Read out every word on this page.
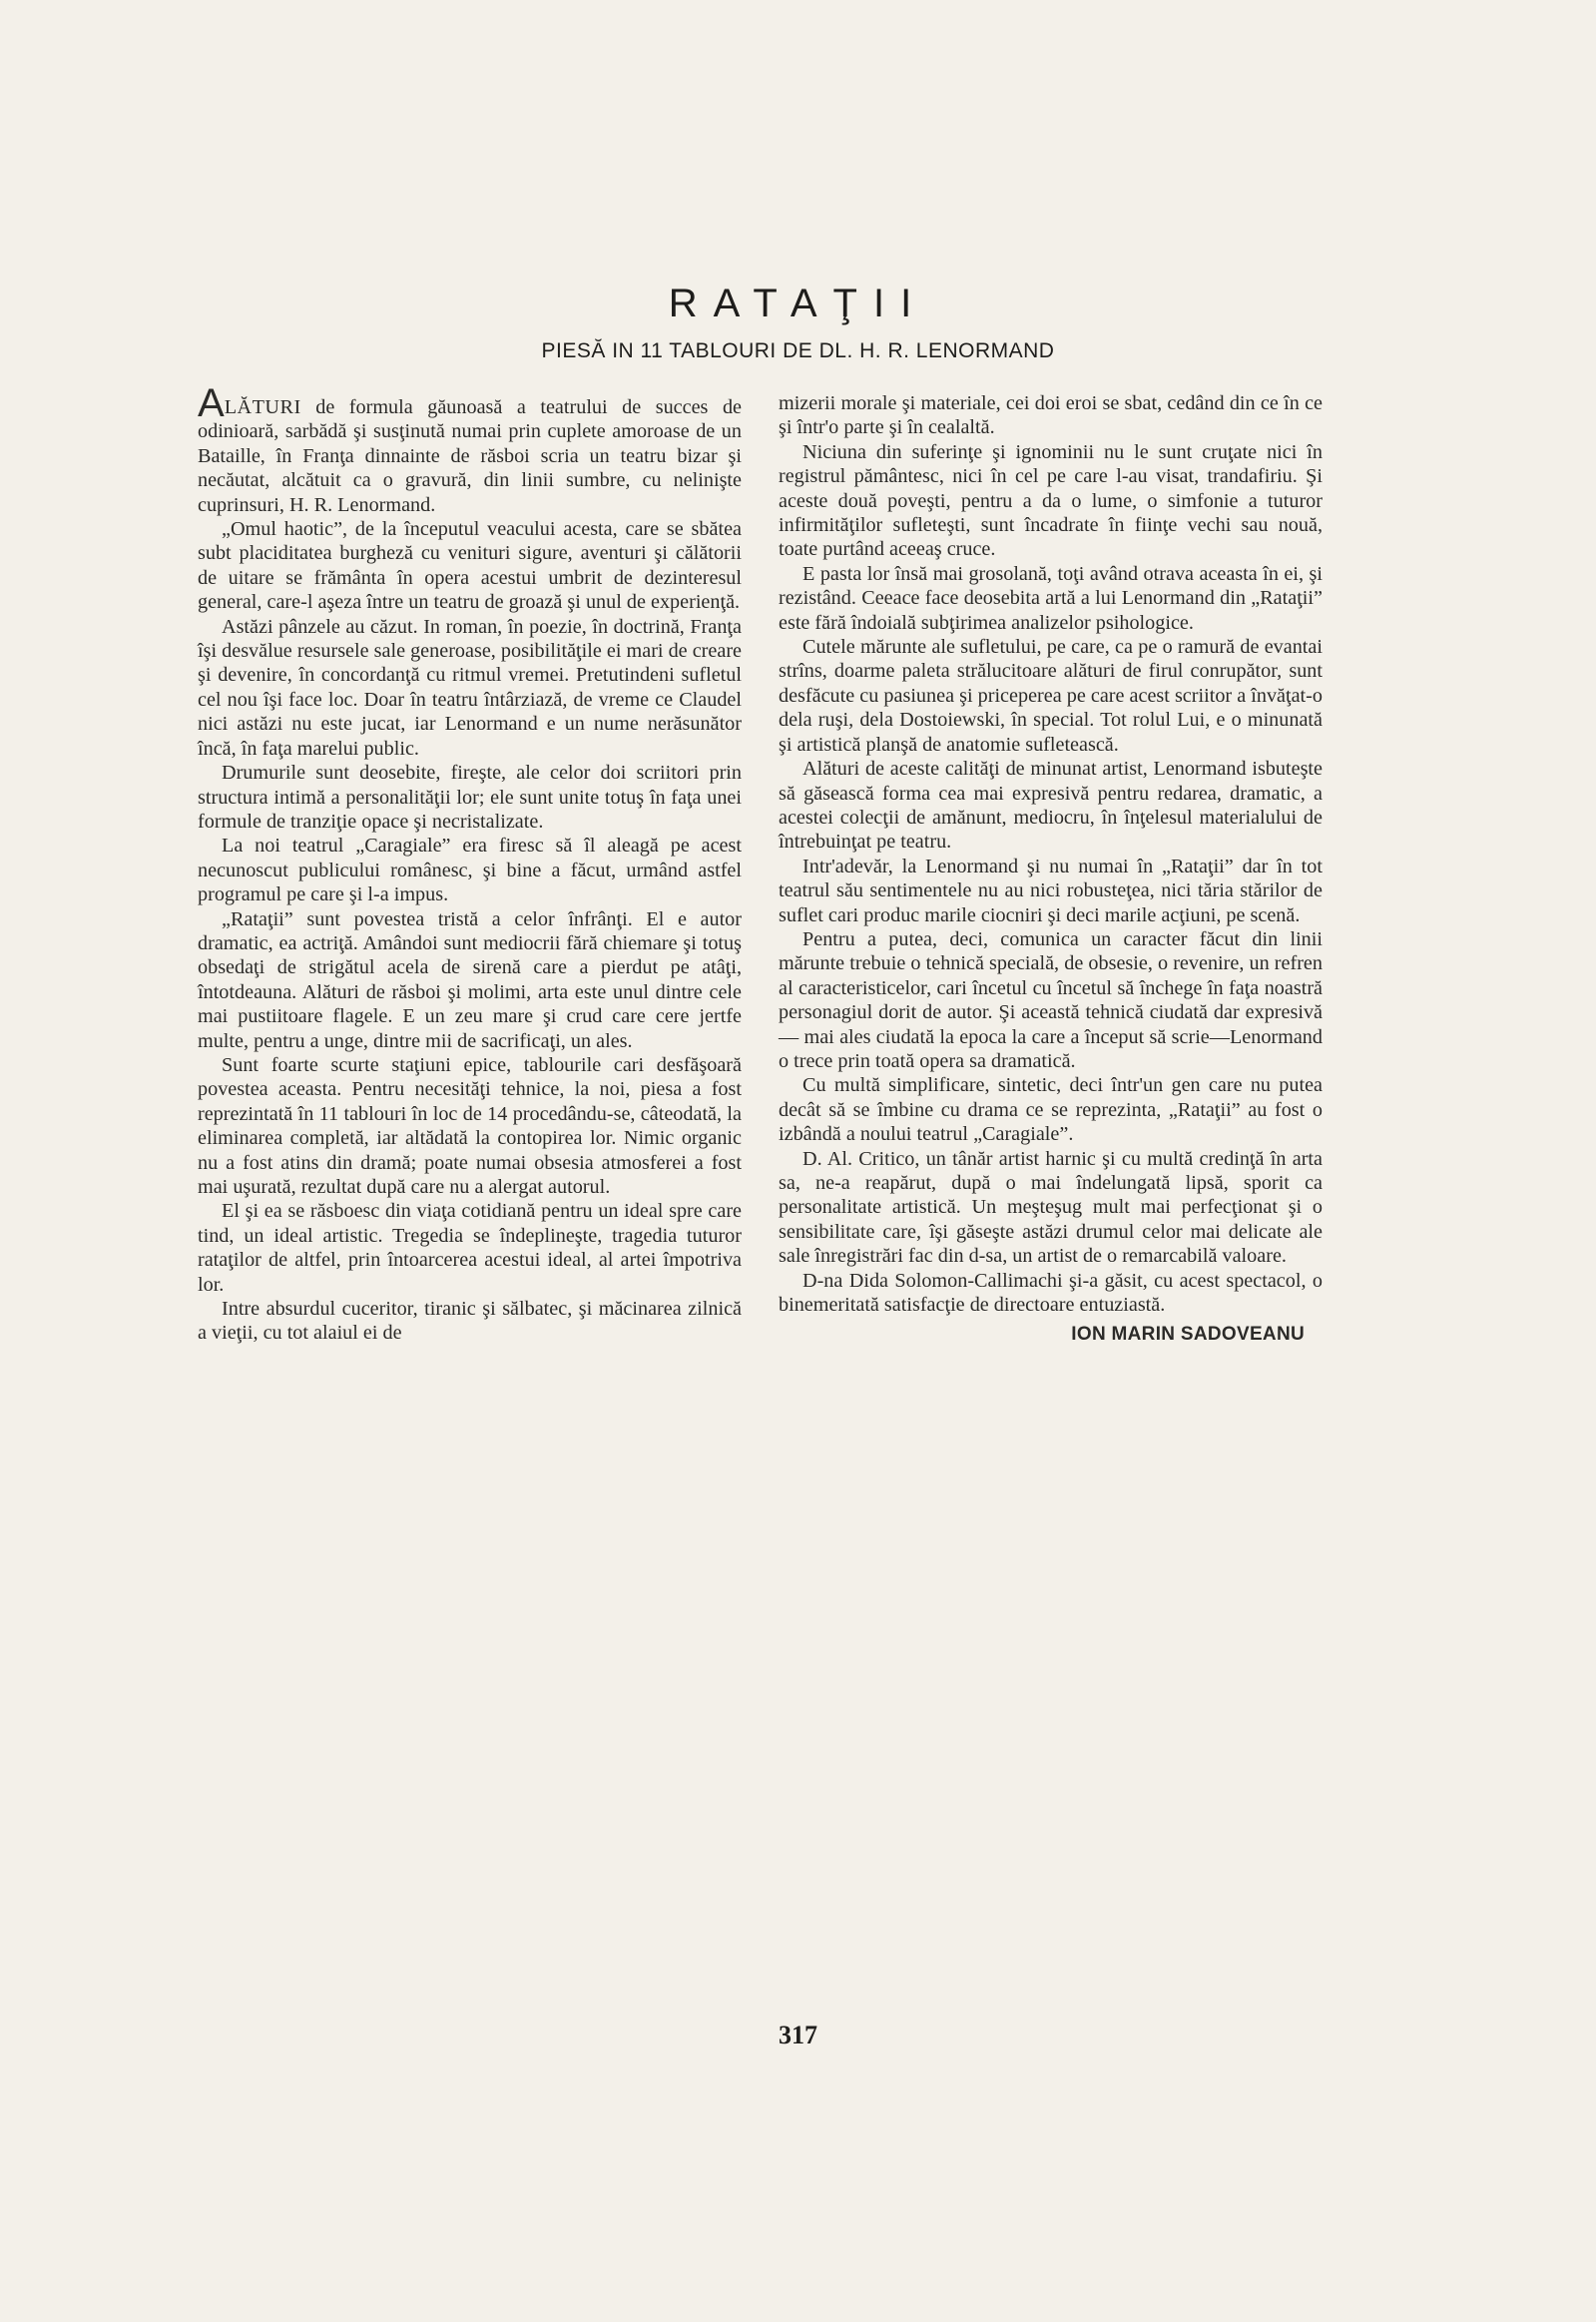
RATAŢII
PIESĂ IN 11 TABLOURI DE DL. H. R. LENORMAND

ALĂTURI de formula găunoasă a teatrului de succes de odinioară, sarbădă şi susţinută numai prin cuplete amoroase de un Bataille, în Franţa dinnainte de răsboi scria un teatru bizar şi necăutat, alcătuit ca o gravură, din linii sumbre, cu nelinişte cuprinsuri, H. R. Lenormand.

„Omul haotic”, de la începutul veacului acesta, care se sbătea subt placiditatea burgheză cu venituri sigure, aventuri şi călătorii de uitare se frământa în opera acestui umbrit de dezinteresul general, care-l aşeza între un teatru de groază şi unul de experienţă.

Astăzi pânzele au căzut. In roman, în poezie, în doctrină, Franţa îşi desvălue resursele sale generoase, posibilităţile ei mari de creare şi devenire, în concordanţă cu ritmul vremei. Pretutindeni sufletul cel nou îşi face loc. Doar în teatru întârziază, de vreme ce Claudel nici astăzi nu este jucat, iar Lenormand e un nume nerăsunător încă, în faţa marelui public.

Drumurile sunt deosebite, fireşte, ale celor doi scriitori prin structura intimă a personalităţii lor; ele sunt unite totuş în faţa unei formule de tranziţie opace şi necristalizate.

La noi teatrul „Caragiale” era firesc să îl aleagă pe acest necunoscut publicului românesc, şi bine a făcut, urmând astfel programul pe care şi l-a impus.

„Rataţii” sunt povestea tristă a celor înfrânţi. El e autor dramatic, ea actriţă. Amândoi sunt mediocrii fără chiemare şi totuş obsedaţi de strigătul acela de sirenă care a pierdut pe atâţi, întotdeauna. Alături de răsboi şi molimi, arta este unul dintre cele mai pustiitoare flagele. E un zeu mare şi crud care cere jertfe multe, pentru a unge, dintre mii de sacrificaţi, un ales.

Sunt foarte scurte staţiuni epice, tablourile cari desfăşoară povestea aceasta. Pentru necesităţi tehnice, la noi, piesa a fost reprezintată în 11 tablouri în loc de 14 procedându-se, câteodată, la eliminarea completă, iar altădată la contopirea lor. Nimic organic nu a fost atins din dramă; poate numai obsesia atmosferei a fost mai uşurată, rezultat după care nu a alergat autorul.

El şi ea se răsboesc din viaţa cotidiană pentru un ideal spre care tind, un ideal artistic. Tregedia se îndeplineşte, tragedia tuturor rataţilor de altfel, prin întoarcerea acestui ideal, al artei împotriva lor.

Intre absurdul cuceritor, tiranic şi sălbatec, şi măcinarea zilnică a vieţii, cu tot alaiul ei de

mizerii morale şi materiale, cei doi eroi se sbat, cedând din ce în ce şi într'o parte şi în cealaltă.

Niciuna din suferinţe şi ignominii nu le sunt cruţate nici în registrul pământesc, nici în cel pe care l-au visat, trandafiriu. Şi aceste două poveşti, pentru a da o lume, o simfonie a tuturor infirmităţilor sufleteşti, sunt încadrate în fiinţe vechi sau nouă, toate purtând aceeaş cruce.

E pasta lor însă mai grosolană, toţi având otrava aceasta în ei, şi rezistând. Ceeace face deosebita artă a lui Lenormand din „Rataţii” este fără îndoială subţirimea analizelor psihologice.

Cutele mărunte ale sufletului, pe care, ca pe o ramură de evantai strîns, doarme paleta strălucitoare alături de firul conrupător, sunt desfăcute cu pasiunea şi priceperea pe care acest scriitor a învăţat-o dela ruşi, dela Dostoiewski, în special. Tot rolul Lui, e o minunată şi artistică planşă de anatomie sufletească.

Alături de aceste calităţi de minunat artist, Lenormand isbuteşte să găsească forma cea mai expresivă pentru redarea, dramatic, a acestei colecţii de amănunt, mediocru, în înţelesul materialului de întrebuinţat pe teatru.

Intr'adevăr, la Lenormand şi nu numai în „Rataţii” dar în tot teatrul său sentimentele nu au nici robusteţea, nici tăria stărilor de suflet cari produc marile ciocniri şi deci marile acţiuni, pe scenă.

Pentru a putea, deci, comunica un caracter făcut din linii mărunte trebuie o tehnică specială, de obsesie, o revenire, un refren al caracteristicelor, cari încetul cu încetul să închege în faţa noastră personagiul dorit de autor. Şi această tehnică ciudată dar expresivă — mai ales ciudată la epoca la care a început să scrie—Lenormand o trece prin toată opera sa dramatică.

Cu multă simplificare, sintetic, deci într'un gen care nu putea decât să se îmbine cu drama ce se reprezinta, „Rataţii” au fost o izbândă a noului teatrul „Caragiale”.

D. Al. Critico, un tânăr artist harnic şi cu multă credinţă în arta sa, ne-a reapărut, după o mai îndelungată lipsă, sporit ca personalitate artistică. Un meşteşug mult mai perfecţionat şi o sensibilitate care, îşi găseşte astăzi drumul celor mai delicate ale sale înregistrări fac din d-sa, un artist de o remarcabilă valoare.

D-na Dida Solomon-Callimachi şi-a găsit, cu acest spectacol, o binemeritată satisfacţie de directoare entuziastă.

ION MARIN SADOVEANU
317
